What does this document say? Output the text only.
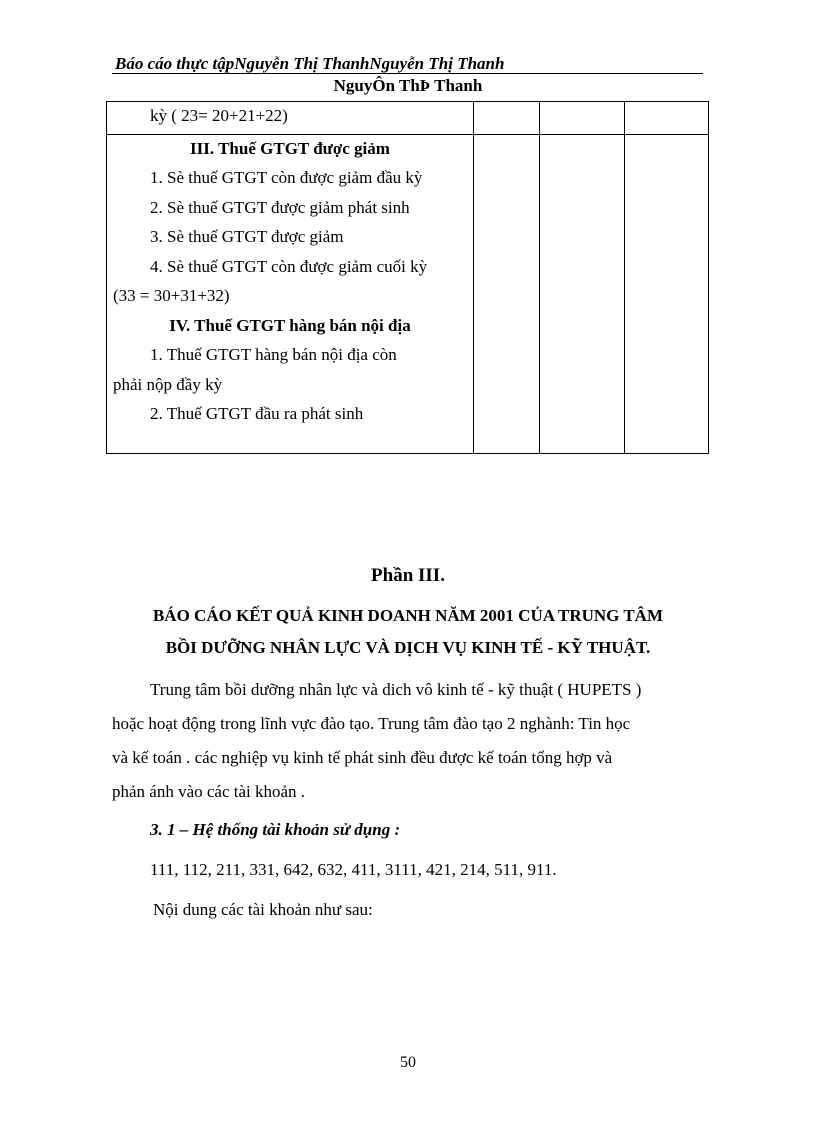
Báo cáo thực tậpNguyễn Thị ThanhNguyễn Thị Thanh
NguyÔn ThÞ Thanh
kỳ ( 23= 20+21+22)
III. Thuế GTGT được giảm
1. Sè thuế GTGT còn được giảm đầu kỳ
2. Sè thuế GTGT được giảm phát sinh
3. Sè thuế GTGT được giảm
4. Sè thuế GTGT còn được giảm cuối kỳ
(33 = 30+31+32)
IV. Thuế GTGT hàng bán nội địa
1. Thuế GTGT hàng bán nội địa còn
phải nộp đầy kỳ
2. Thuế GTGT đầu ra phát sinh
Phần III.
BÁO CÁO KẾT QUẢ KINH DOANH NĂM 2001 CỦA TRUNG TÂM
BỒI DƯỠNG NHÂN LỰC VÀ DỊCH VỤ KINH TẾ - KỸ THUẬT.
Trung tâm bồi dưỡng nhân lực và dich vô kinh tế - kỹ thuật ( HUPETS )
hoặc hoạt động trong lĩnh vực đào tạo. Trung tâm đào tạo 2 nghành: Tin học
và kế toán . các nghiệp vụ kinh tế phát sinh đều được kế toán tổng hợp và
phản ánh vào các tài khoản .
3. 1 – Hệ thống tài khoản sử dụng :
111, 112, 211, 331, 642, 632, 411, 3111, 421, 214, 511, 911.
Nội dung các tài khoản như sau:
50
